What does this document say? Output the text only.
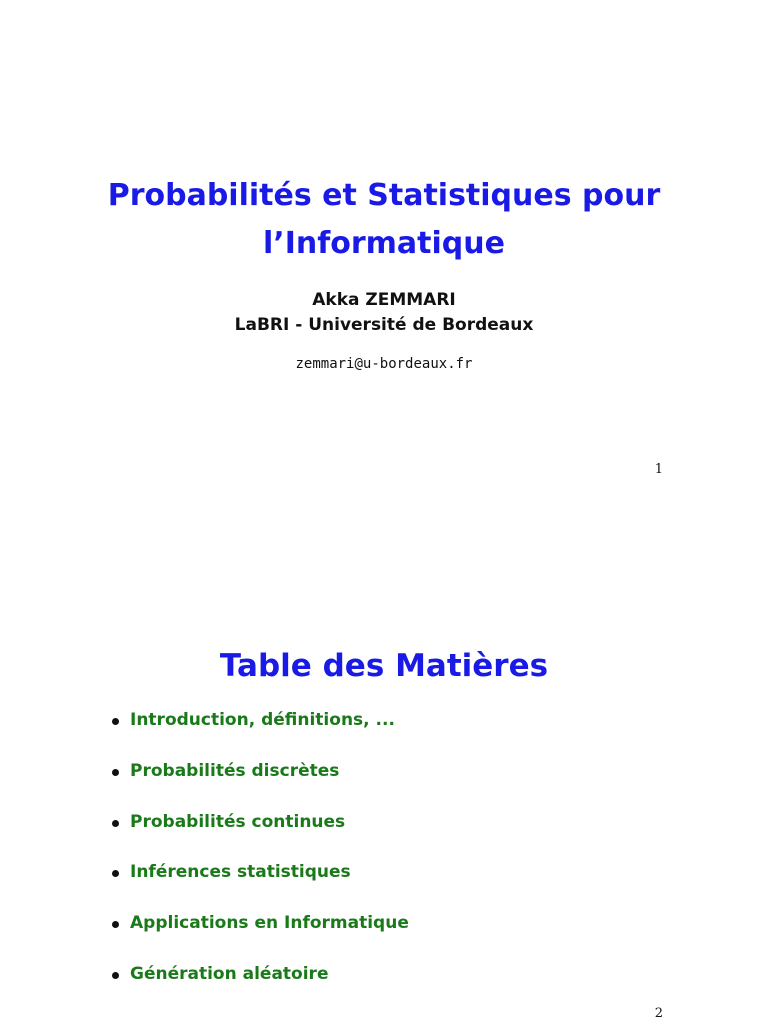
Probabilités et Statistiques pour
l’Informatique
Akka ZEMMARI
LaBRI - Université de Bordeaux
zemmari@u-bordeaux.fr
1
Table des Matières
Introduction, définitions, ...
Probabilités discrètes
Probabilités continues
Inférences statistiques
Applications en Informatique
Génération aléatoire
2
